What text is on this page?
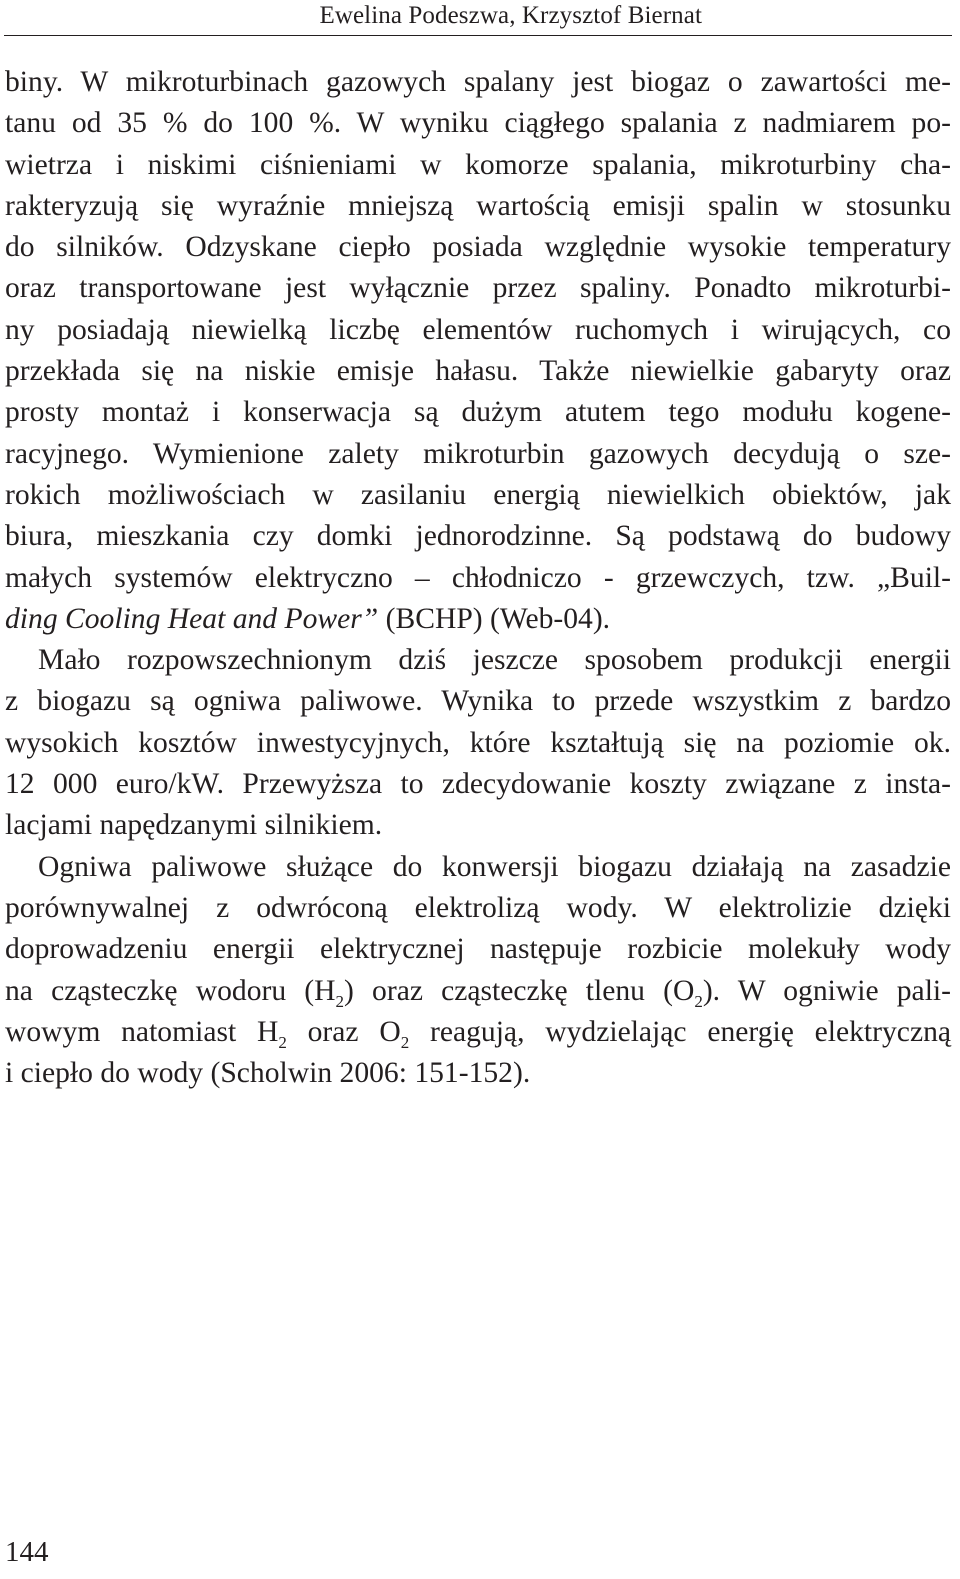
Ewelina Podeszwa, Krzysztof Biernat

biny. W mikroturbinach gazowych spalany jest biogaz o zawartości me-
tanu od 35 % do 100 %. W wyniku ciągłego spalania z nadmiarem po-
wietrza i niskimi ciśnieniami w komorze spalania, mikroturbiny cha-
rakteryzują się wyraźnie mniejszą wartością emisji spalin w stosunku
do silników. Odzyskane ciepło posiada względnie wysokie temperatury
oraz transportowane jest wyłącznie przez spaliny. Ponadto mikroturbi-
ny posiadają niewielką liczbę elementów ruchomych i wirujących, co
przekłada się na niskie emisje hałasu. Także niewielkie gabaryty oraz
prosty montaż i konserwacja są dużym atutem tego modułu kogene-
racyjnego. Wymienione zalety mikroturbin gazowych decydują o sze-
rokich możliwościach w zasilaniu energią niewielkich obiektów, jak
biura, mieszkania czy domki jednorodzinne. Są podstawą do budowy
małych systemów elektryczno – chłodniczo - grzewczych, tzw. „Buil-
ding Cooling Heat and Power” (BCHP) (Web-04).

Mało rozpowszechnionym dziś jeszcze sposobem produkcji energii
z biogazu są ogniwa paliwowe. Wynika to przede wszystkim z bardzo
wysokich kosztów inwestycyjnych, które kształtują się na poziomie ok.
12 000 euro/kW. Przewyższa to zdecydowanie koszty związane z insta-
lacjami napędzanymi silnikiem.

Ogniwa paliwowe służące do konwersji biogazu działają na zasadzie
porównywalnej z odwróconą elektrolizą wody. W elektrolizie dzięki
doprowadzeniu energii elektrycznej następuje rozbicie molekuły wody
na cząsteczkę wodoru $(H_2)$ oraz cząsteczkę tlenu $(O_2)$. W ogniwie pali-
wowym natomiast $H_2$ oraz $O_2$ reagują, wydzielając energię elektryczną
i ciepło do wody (Scholwin 2006: 151-152).

144
